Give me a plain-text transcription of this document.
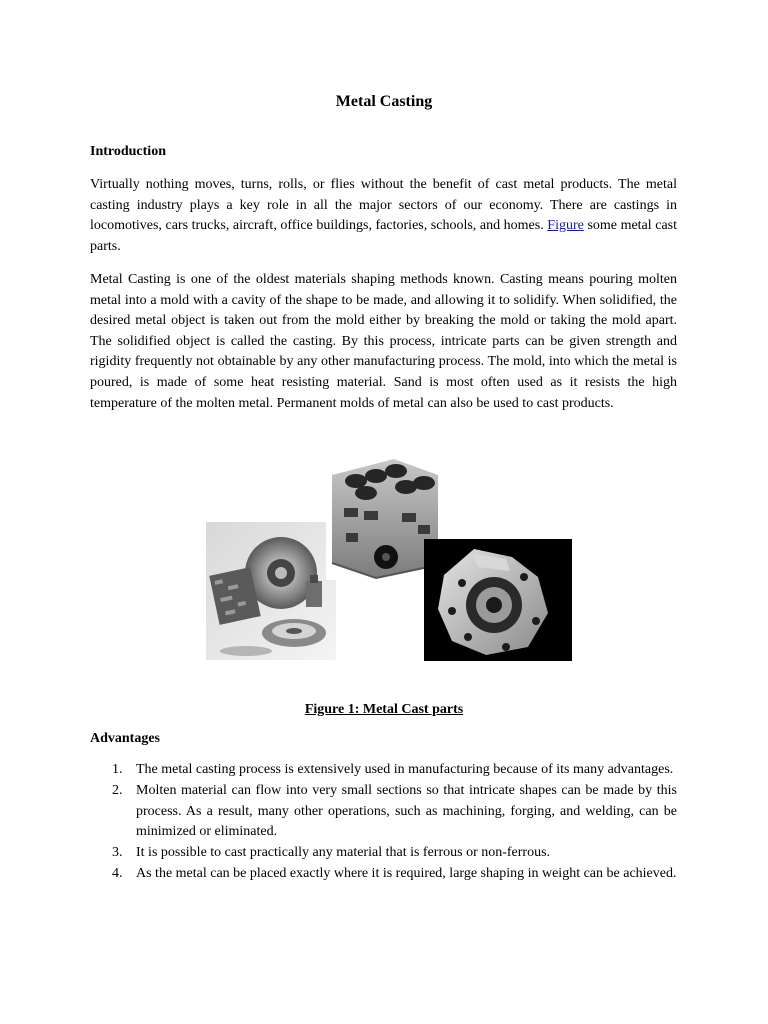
Metal Casting
Introduction

Virtually nothing moves, turns, rolls, or flies without the benefit of cast metal products. The metal casting industry plays a key role in all the major sectors of our economy. There are castings in locomotives, cars trucks, aircraft, office buildings, factories, schools, and homes. Figure some metal cast parts.

Metal Casting is one of the oldest materials shaping methods known. Casting means pouring molten metal into a mold with a cavity of the shape to be made, and allowing it to solidify. When solidified, the desired metal object is taken out from the mold either by breaking the mold or taking the mold apart. The solidified object is called the casting. By this process, intricate parts can be given strength and rigidity frequently not obtainable by any other manufacturing process. The mold, into which the metal is poured, is made of some heat resisting material. Sand is most often used as it resists the high temperature of the molten metal. Permanent molds of metal can also be used to cast products.

Figure 1: Metal Cast parts
Advantages
1. The metal casting process is extensively used in manufacturing because of its many advantages.
2. Molten material can flow into very small sections so that intricate shapes can be made by this process. As a result, many other operations, such as machining, forging, and welding, can be minimized or eliminated.
3. It is possible to cast practically any material that is ferrous or non-ferrous.
4. As the metal can be placed exactly where it is required, large shaping in weight can be achieved.
